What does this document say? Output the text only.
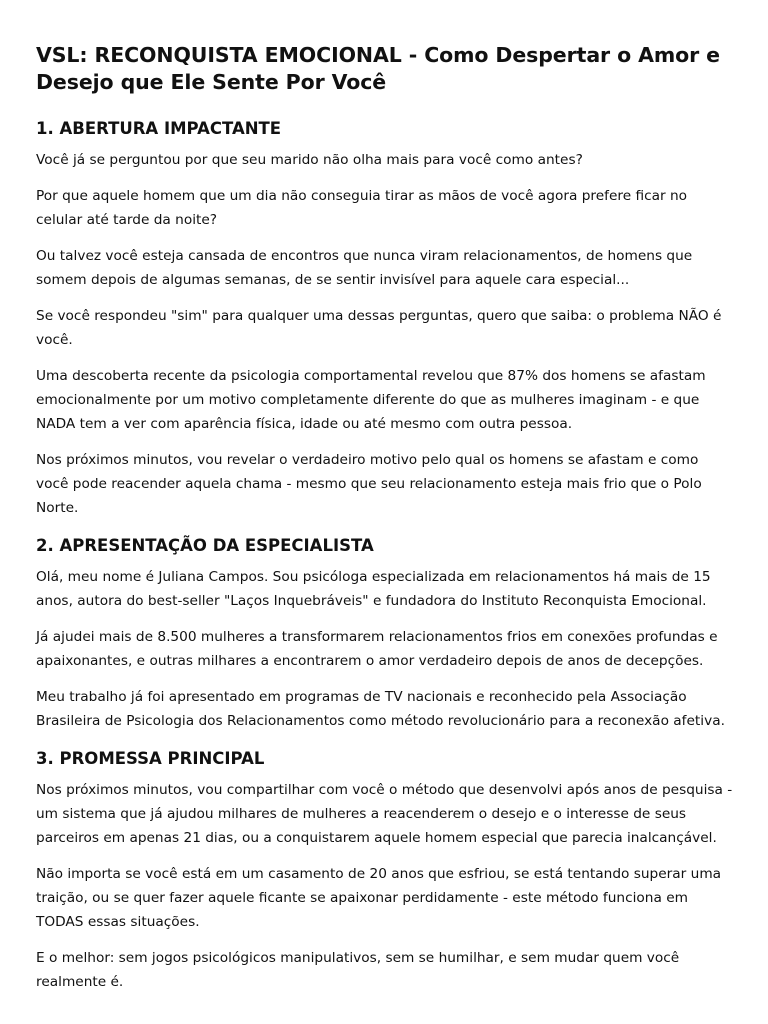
VSL: RECONQUISTA EMOCIONAL - Como Despertar o Amor e Desejo que Ele Sente Por Você
1. ABERTURA IMPACTANTE

Você já se perguntou por que seu marido não olha mais para você como antes?

Por que aquele homem que um dia não conseguia tirar as mãos de você agora prefere ficar no celular até tarde da noite?

Ou talvez você esteja cansada de encontros que nunca viram relacionamentos, de homens que somem depois de algumas semanas, de se sentir invisível para aquele cara especial...

Se você respondeu "sim" para qualquer uma dessas perguntas, quero que saiba: o problema NÃO é você.

Uma descoberta recente da psicologia comportamental revelou que 87% dos homens se afastam emocionalmente por um motivo completamente diferente do que as mulheres imaginam - e que NADA tem a ver com aparência física, idade ou até mesmo com outra pessoa.

Nos próximos minutos, vou revelar o verdadeiro motivo pelo qual os homens se afastam e como você pode reacender aquela chama - mesmo que seu relacionamento esteja mais frio que o Polo Norte.

2. APRESENTAÇÃO DA ESPECIALISTA

Olá, meu nome é Juliana Campos. Sou psicóloga especializada em relacionamentos há mais de 15 anos, autora do best-seller "Laços Inquebráveis" e fundadora do Instituto Reconquista Emocional.

Já ajudei mais de 8.500 mulheres a transformarem relacionamentos frios em conexões profundas e apaixonantes, e outras milhares a encontrarem o amor verdadeiro depois de anos de decepções.

Meu trabalho já foi apresentado em programas de TV nacionais e reconhecido pela Associação Brasileira de Psicologia dos Relacionamentos como método revolucionário para a reconexão afetiva.

3. PROMESSA PRINCIPAL

Nos próximos minutos, vou compartilhar com você o método que desenvolvi após anos de pesquisa - um sistema que já ajudou milhares de mulheres a reacenderem o desejo e o interesse de seus parceiros em apenas 21 dias, ou a conquistarem aquele homem especial que parecia inalcançável.

Não importa se você está em um casamento de 20 anos que esfriou, se está tentando superar uma traição, ou se quer fazer aquele ficante se apaixonar perdidamente - este método funciona em TODAS essas situações.

E o melhor: sem jogos psicológicos manipulativos, sem se humilhar, e sem mudar quem você realmente é.
